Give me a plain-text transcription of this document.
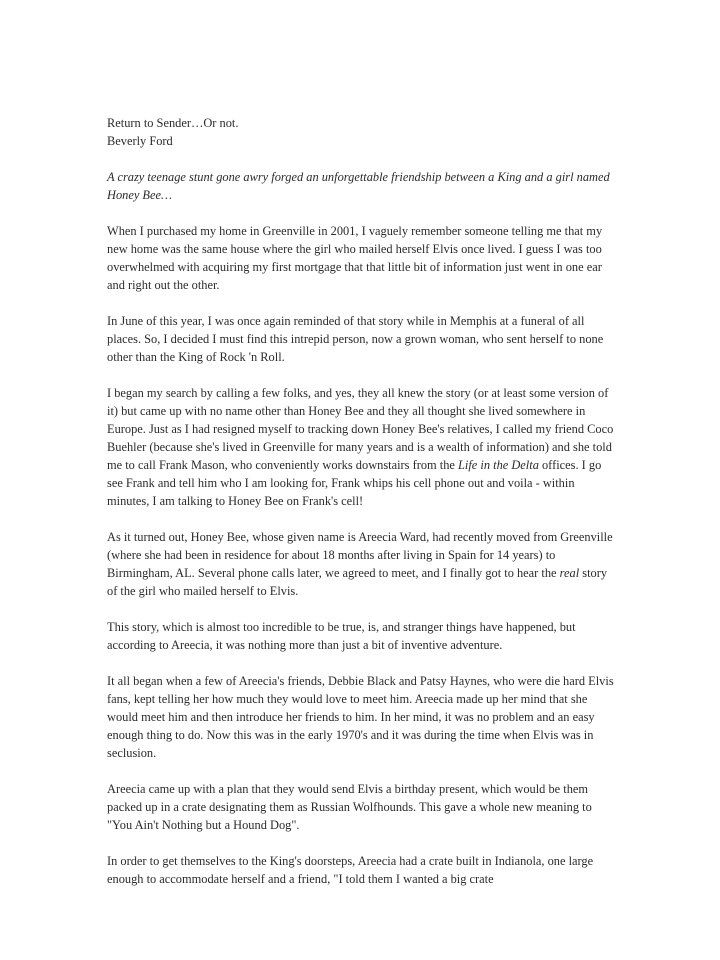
Return to Sender…Or not.

Beverly Ford

A crazy teenage stunt gone awry forged an unforgettable friendship between a King and a girl named Honey Bee…

When I purchased my home in Greenville in 2001, I vaguely remember someone telling me that my new home was the same house where the girl who mailed herself Elvis once lived. I guess I was too overwhelmed with acquiring my first mortgage that that little bit of information just went in one ear and right out the other.

In June of this year, I was once again reminded of that story while in Memphis at a funeral of all places. So, I decided I must find this intrepid person, now a grown woman, who sent herself to none other than the King of Rock 'n Roll.

I began my search by calling a few folks, and yes, they all knew the story (or at least some version of it) but came up with no name other than Honey Bee and they all thought she lived somewhere in Europe. Just as I had resigned myself to tracking down Honey Bee's relatives, I called my friend Coco Buehler (because she's lived in Greenville for many years and is a wealth of information) and she told me to call Frank Mason, who conveniently works downstairs from the Life in the Delta offices. I go see Frank and tell him who I am looking for, Frank whips his cell phone out and voila - within minutes, I am talking to Honey Bee on Frank's cell!

As it turned out, Honey Bee, whose given name is Areecia Ward, had recently moved from Greenville (where she had been in residence for about 18 months after living in Spain for 14 years) to Birmingham, AL. Several phone calls later, we agreed to meet, and I finally got to hear the real story of the girl who mailed herself to Elvis.

This story, which is almost too incredible to be true, is, and stranger things have happened, but according to Areecia, it was nothing more than just a bit of inventive adventure.

It all began when a few of Areecia's friends, Debbie Black and Patsy Haynes, who were die hard Elvis fans, kept telling her how much they would love to meet him. Areecia made up her mind that she would meet him and then introduce her friends to him. In her mind, it was no problem and an easy enough thing to do. Now this was in the early 1970's and it was during the time when Elvis was in seclusion.

Areecia came up with a plan that they would send Elvis a birthday present, which would be them packed up in a crate designating them as Russian Wolfhounds. This gave a whole new meaning to "You Ain't Nothing but a Hound Dog".

In order to get themselves to the King's doorsteps, Areecia had a crate built in Indianola, one large enough to accommodate herself and a friend, "I told them I wanted a big crate
